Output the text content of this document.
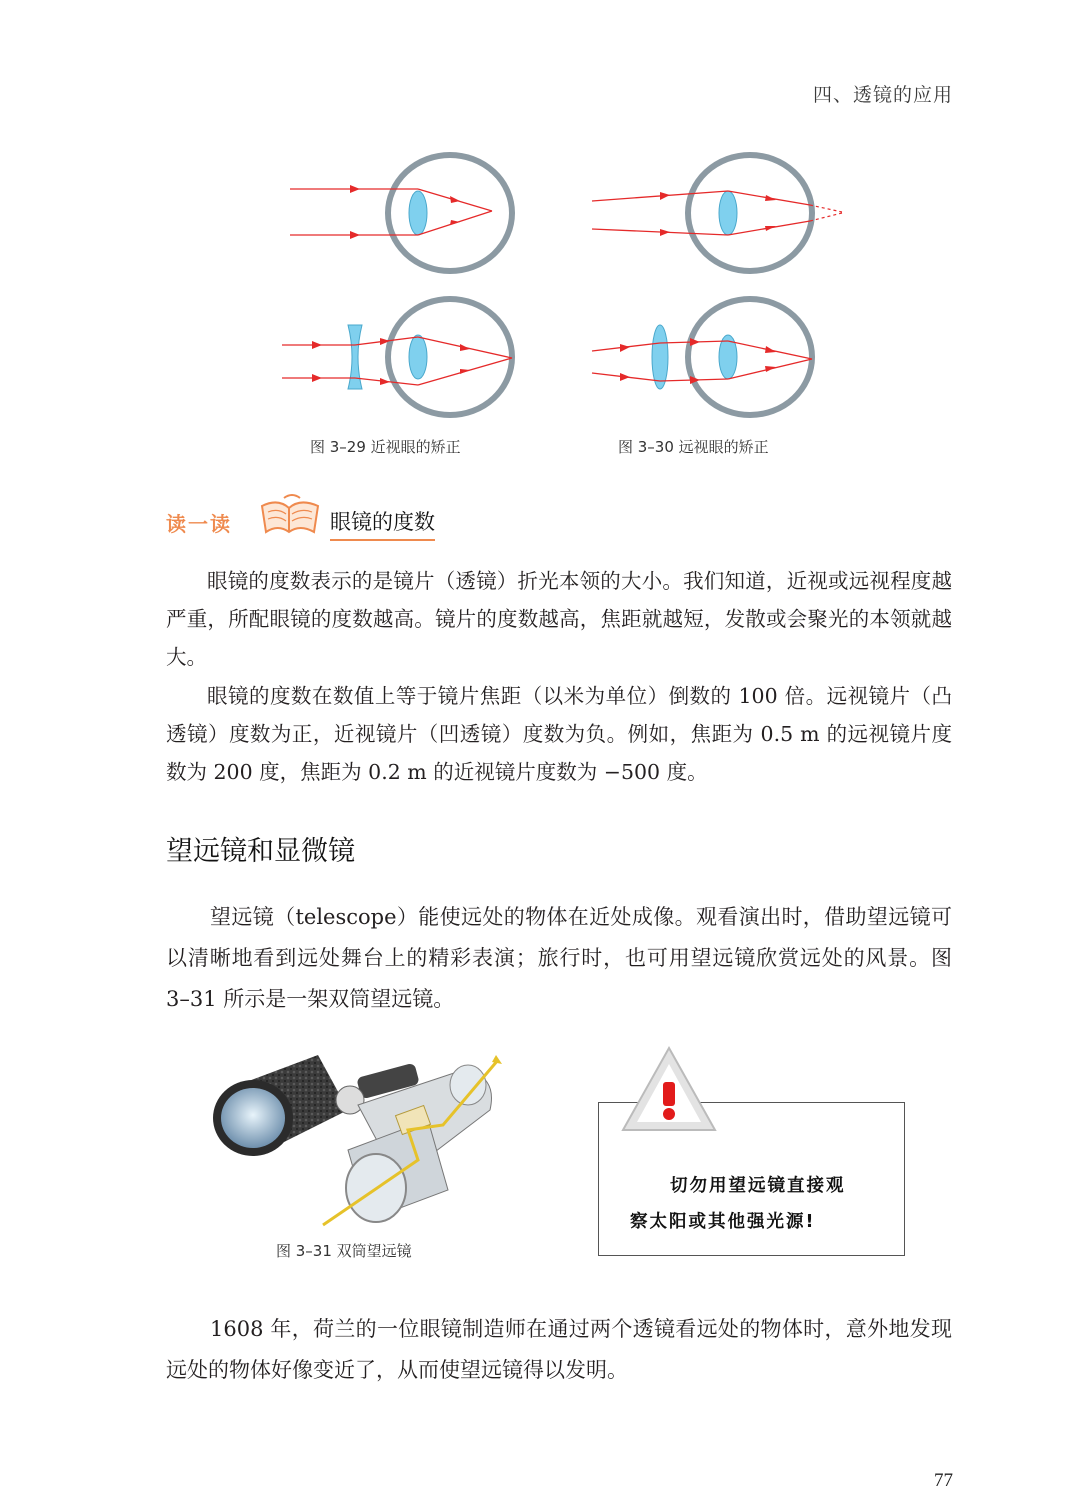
四、透镜的应用
图 3–29 近视眼的矫正	图 3–30 远视眼的矫正
读一读	眼镜的度数
眼镜的度数表示的是镜片（透镜）折光本领的大小。我们知道，近视或远视程度越严重，所配眼镜的度数越高。镜片的度数越高，焦距就越短，发散或会聚光的本领就越大。
眼镜的度数在数值上等于镜片焦距（以米为单位）倒数的 100 倍。远视镜片（凸透镜）度数为正，近视镜片（凹透镜）度数为负。例如，焦距为 0.5 m 的远视镜片度数为 200 度，焦距为 0.2 m 的近视镜片度数为 −500 度。
望远镜和显微镜
望远镜（telescope）能使远处的物体在近处成像。观看演出时，借助望远镜可以清晰地看到远处舞台上的精彩表演；旅行时，也可用望远镜欣赏远处的风景。图 3–31 所示是一架双筒望远镜。
图 3–31 双筒望远镜
切勿用望远镜直接观
察太阳或其他强光源!
1608 年，荷兰的一位眼镜制造师在通过两个透镜看远处的物体时，意外地发现远处的物体好像变近了，从而使望远镜得以发明。
77
